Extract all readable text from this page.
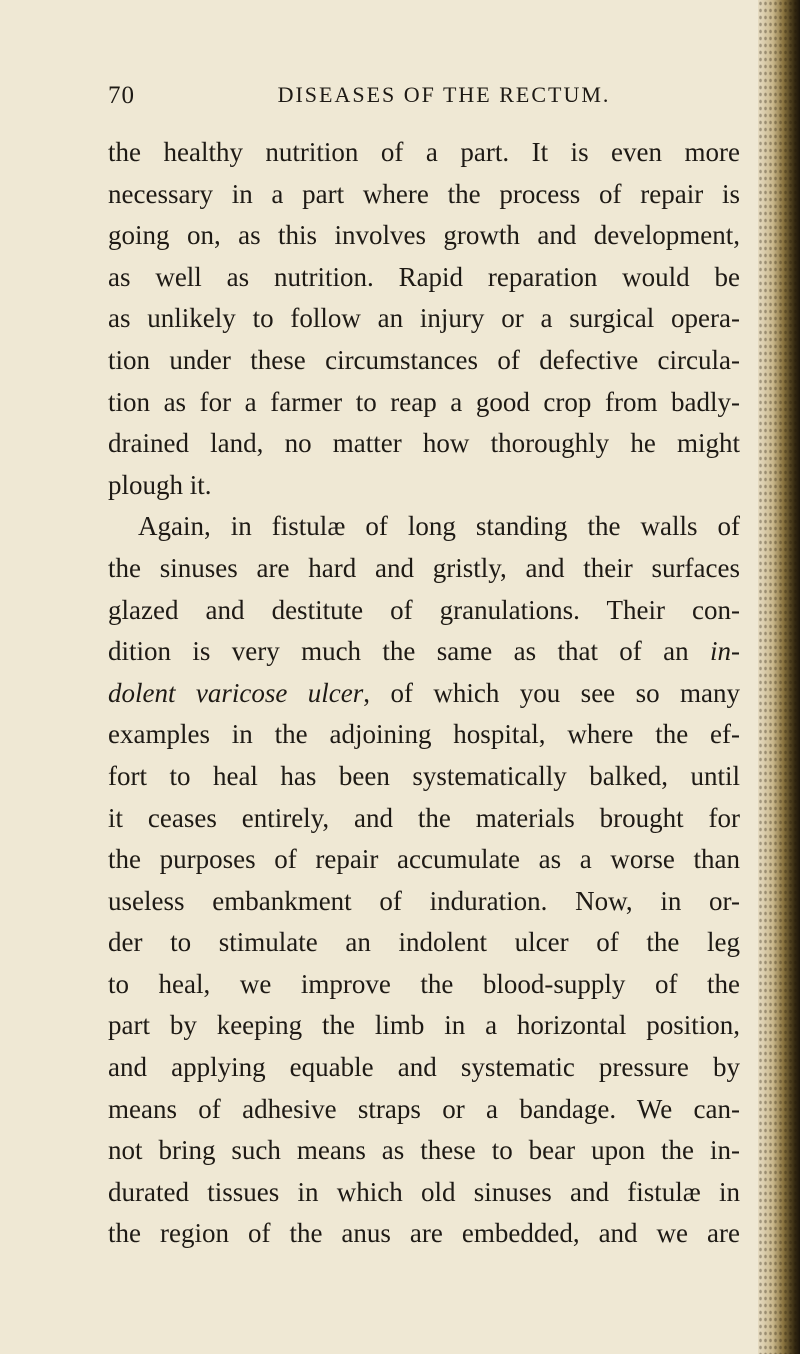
70	DISEASES OF THE RECTUM.
the healthy nutrition of a part. It is even more
necessary in a part where the process of repair is
going on, as this involves growth and development,
as well as nutrition. Rapid reparation would be
as unlikely to follow an injury or a surgical opera-
tion under these circumstances of defective circula-
tion as for a farmer to reap a good crop from badly-
drained land, no matter how thoroughly he might
plough it.
Again, in fistulæ of long standing the walls of
the sinuses are hard and gristly, and their surfaces
glazed and destitute of granulations. Their con-
dition is very much the same as that of an in-
dolent varicose ulcer, of which you see so many
examples in the adjoining hospital, where the ef-
fort to heal has been systematically balked, until
it ceases entirely, and the materials brought for
the purposes of repair accumulate as a worse than
useless embankment of induration. Now, in or-
der to stimulate an indolent ulcer of the leg
to heal, we improve the blood-supply of the
part by keeping the limb in a horizontal position,
and applying equable and systematic pressure by
means of adhesive straps or a bandage. We can-
not bring such means as these to bear upon the in-
durated tissues in which old sinuses and fistulæ in
the region of the anus are embedded, and we are
